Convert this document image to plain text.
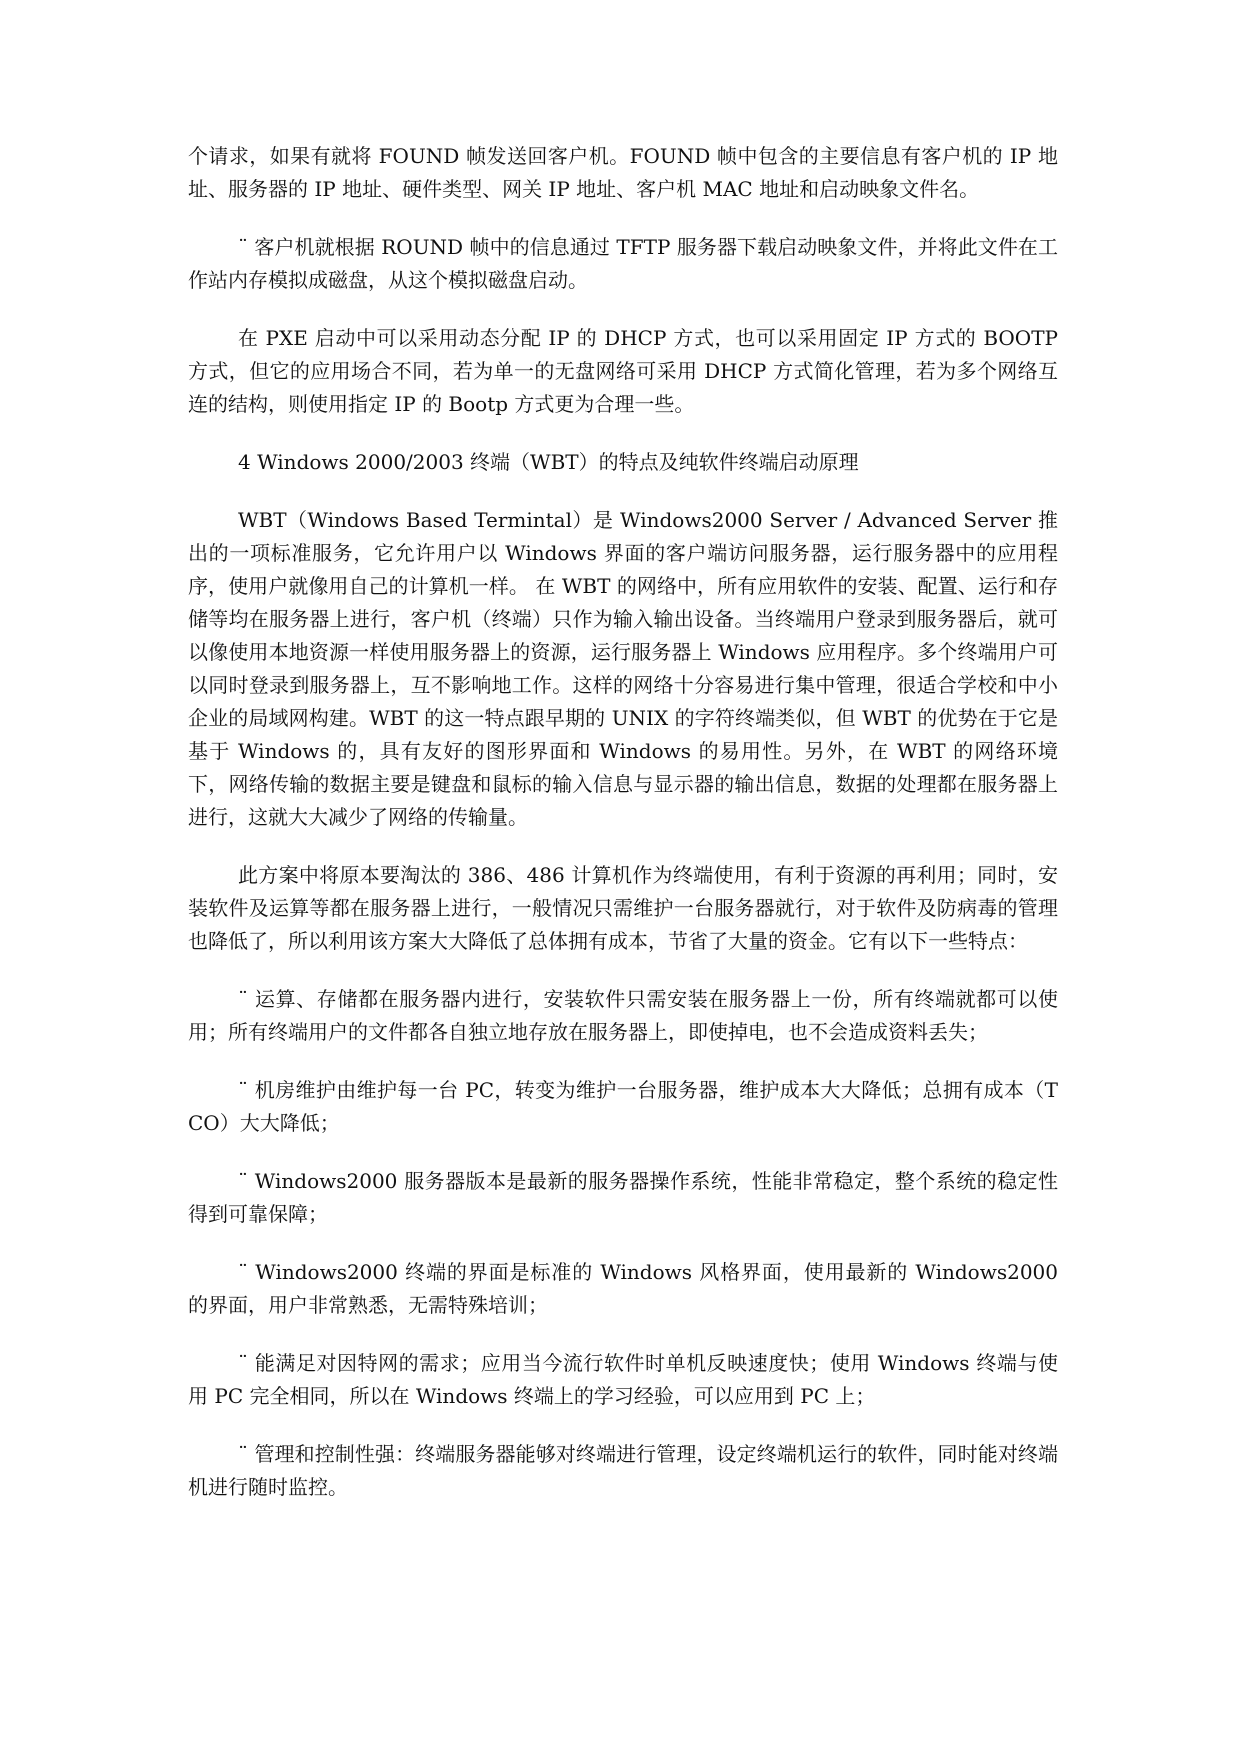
个请求，如果有就将 FOUND 帧发送回客户机。FOUND 帧中包含的主要信息有客户机的 IP 地址、服务器的 IP 地址、硬件类型、网关 IP 地址、客户机 MAC 地址和启动映象文件名。

¨ 客户机就根据 ROUND 帧中的信息通过 TFTP 服务器下载启动映象文件，并将此文件在工作站内存模拟成磁盘，从这个模拟磁盘启动。

在 PXE 启动中可以采用动态分配 IP 的 DHCP 方式，也可以采用固定 IP 方式的 BOOTP 方式，但它的应用场合不同，若为单一的无盘网络可采用 DHCP 方式简化管理，若为多个网络互连的结构，则使用指定 IP 的 Bootp 方式更为合理一些。

4 Windows 2000/2003 终端（WBT）的特点及纯软件终端启动原理

WBT（Windows Based Termintal）是 Windows2000 Server / Advanced Server 推出的一项标准服务，它允许用户以 Windows 界面的客户端访问服务器，运行服务器中的应用程序，使用户就像用自己的计算机一样。 在 WBT 的网络中，所有应用软件的安装、配置、运行和存储等均在服务器上进行，客户机（终端）只作为输入输出设备。当终端用户登录到服务器后，就可以像使用本地资源一样使用服务器上的资源，运行服务器上 Windows 应用程序。多个终端用户可以同时登录到服务器上，互不影响地工作。这样的网络十分容易进行集中管理，很适合学校和中小企业的局域网构建。WBT 的这一特点跟早期的 UNIX 的字符终端类似，但 WBT 的优势在于它是基于 Windows 的，具有友好的图形界面和 Windows 的易用性。另外，在 WBT 的网络环境下，网络传输的数据主要是键盘和鼠标的输入信息与显示器的输出信息，数据的处理都在服务器上进行，这就大大减少了网络的传输量。

此方案中将原本要淘汰的 386、486 计算机作为终端使用，有利于资源的再利用；同时，安装软件及运算等都在服务器上进行，一般情况只需维护一台服务器就行，对于软件及防病毒的管理也降低了，所以利用该方案大大降低了总体拥有成本，节省了大量的资金。它有以下一些特点：

¨ 运算、存储都在服务器内进行，安装软件只需安装在服务器上一份，所有终端就都可以使用；所有终端用户的文件都各自独立地存放在服务器上，即使掉电，也不会造成资料丢失；

¨ 机房维护由维护每一台 PC，转变为维护一台服务器，维护成本大大降低；总拥有成本（TCO）大大降低；

¨ Windows2000 服务器版本是最新的服务器操作系统，性能非常稳定，整个系统的稳定性得到可靠保障；

¨ Windows2000 终端的界面是标准的 Windows 风格界面，使用最新的 Windows2000 的界面，用户非常熟悉，无需特殊培训；

¨ 能满足对因特网的需求；应用当今流行软件时单机反映速度快；使用 Windows 终端与使用 PC 完全相同，所以在 Windows 终端上的学习经验，可以应用到 PC 上；

¨ 管理和控制性强：终端服务器能够对终端进行管理，设定终端机运行的软件，同时能对终端机进行随时监控。
